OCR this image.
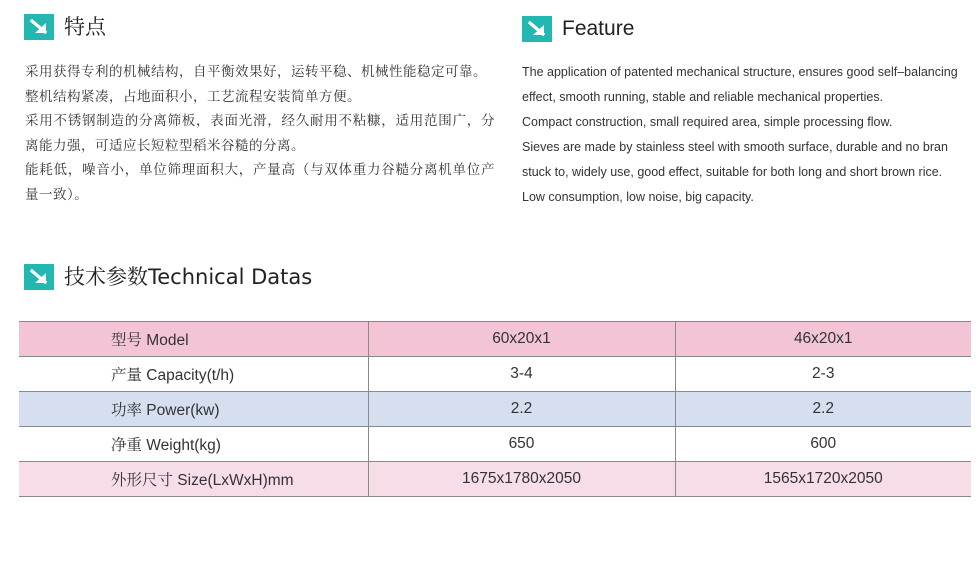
特点	Feature

采用获得专利的机械结构，自平衡效果好，运转平稳、机械性能稳定可靠。

整机结构紧凑，占地面积小，工艺流程安装简单方便。

采用不锈钢制造的分离筛板，表面光滑，经久耐用不粘糠，适用范围广，分离能力强，可适应长短粒型稻米谷糙的分离。

能耗低，噪音小，单位筛理面积大，产量高（与双体重力谷糙分离机单位产量一致）。

The application of patented mechanical structure, ensures good self–balancing

effect, smooth running, stable and reliable mechanical properties.

Compact construction, small required area, simple processing flow.

Sieves are made by stainless steel with smooth surface, durable and no bran

stuck to, widely use, good effect, suitable for both long and short brown rice.

Low consumption, low noise, big capacity.

技术参数Technical Datas
型号 Model	60x20x1	46x20x1
产量 Capacity(t/h)	3-4	2-3
功率 Power(kw)	2.2	2.2
净重 Weight(kg)	650	600
外形尺寸 Size(LxWxH)mm	1675x1780x2050	1565x1720x2050
